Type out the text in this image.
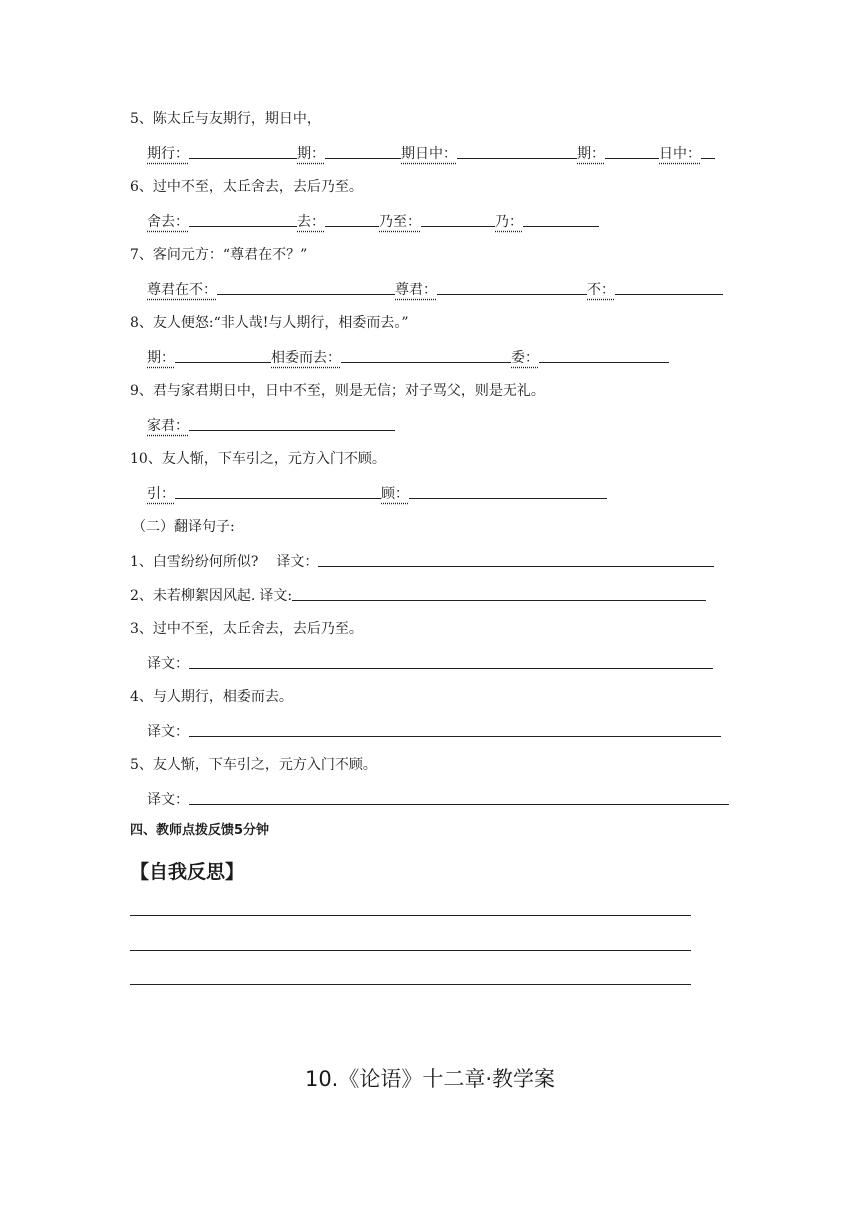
5、陈太丘与友期行，期日中，
期行：	期：	期日中：	期：	日中：
6、过中不至，太丘舍去，去后乃至。
舍去：	去：	乃至：	乃：
7、客问元方：“尊君在不？”
尊君在不：	尊君：	不：
8、友人便怒:“非人哉!与人期行，相委而去。”
期：	相委而去：	委：
9、君与家君期日中，日中不至，则是无信；对子骂父，则是无礼。
家君：
10、友人惭，下车引之，元方入门不顾。
引：	顾：
（二）翻译句子:
1、白雪纷纷何所似? 译文：
2、未若柳絮因风起. 译文:
3、过中不至，太丘舍去，去后乃至。
译文：
4、与人期行，相委而去。
译文：
5、友人惭，下车引之，元方入门不顾。
译文：
四、教师点拨反馈5分钟
【自我反思】
10.《论语》十二章·教学案
